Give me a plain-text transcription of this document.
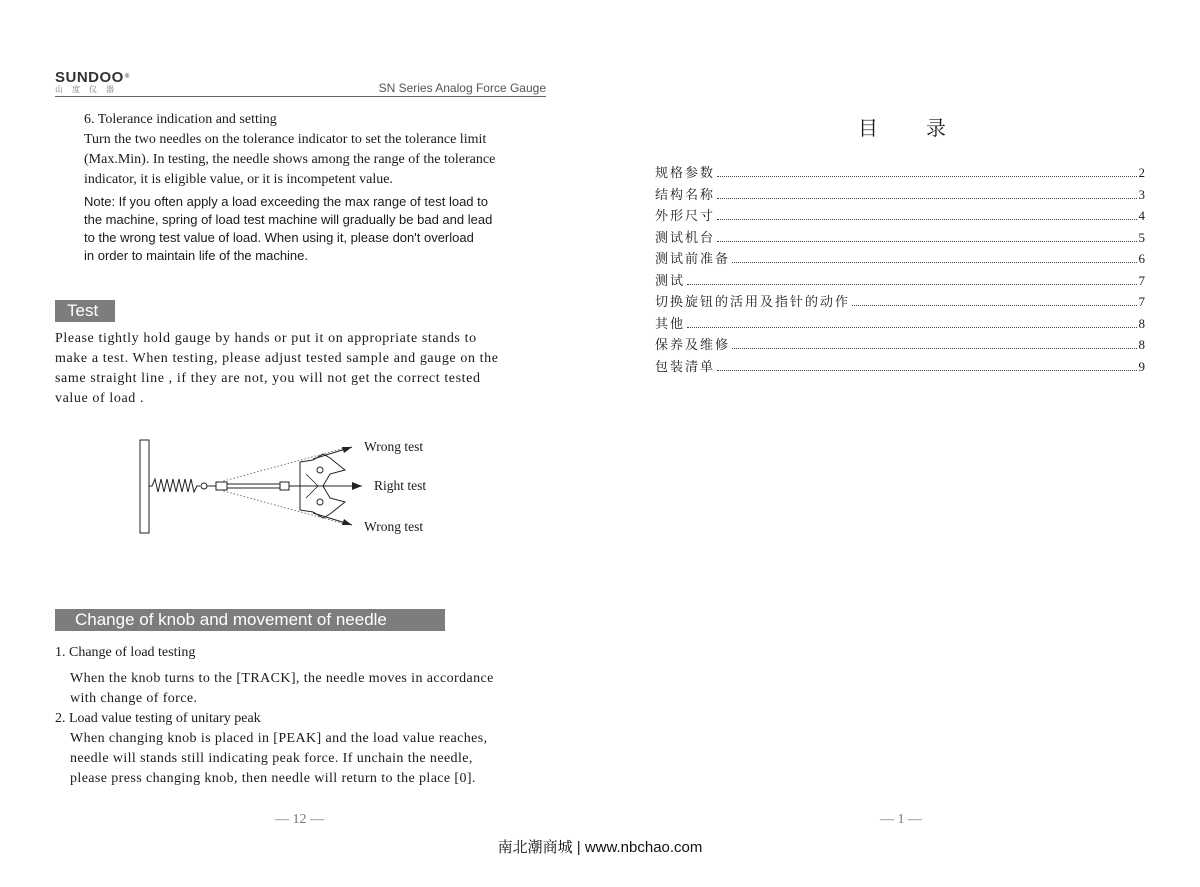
SUNDOO®
山度仪器	SN Series Analog Force Gauge
6. Tolerance indication and setting
Turn the two needles on the tolerance indicator to set the tolerance limit
(Max.Min). In testing, the needle shows among the range of the tolerance
indicator, it is eligible value, or it is incompetent value.
Note: If you often apply a load exceeding the max range of test load to
the machine, spring of load test machine will gradually be bad and lead
to the wrong test value of load. When using it, please don't overload
in order to maintain life of the machine.
Test
Please tightly hold gauge by hands or put it on appropriate stands to
make a test. When testing, please adjust tested sample and gauge on the
same straight line , if they are not, you will not get the correct tested
value of load .
Wrong test
Right test
Wrong test
Change of knob and movement of needle
1. Change of load testing
When the knob turns to the [TRACK], the needle moves in accordance
with change of force.
2. Load value testing of unitary peak
When changing knob is placed in [PEAK] and the load value reaches,
needle will stands still indicating peak force. If unchain the needle,
please press changing knob, then needle will return to the place [0].
— 12 —
目 录
规格参数	2
结构名称	3
外形尺寸	4
测试机台	5
测试前准备	6
测试	7
切换旋钮的活用及指针的动作	7
其他	8
保养及维修	8
包装清单	9
— 1 —
南北潮商城 | www.nbchao.com
